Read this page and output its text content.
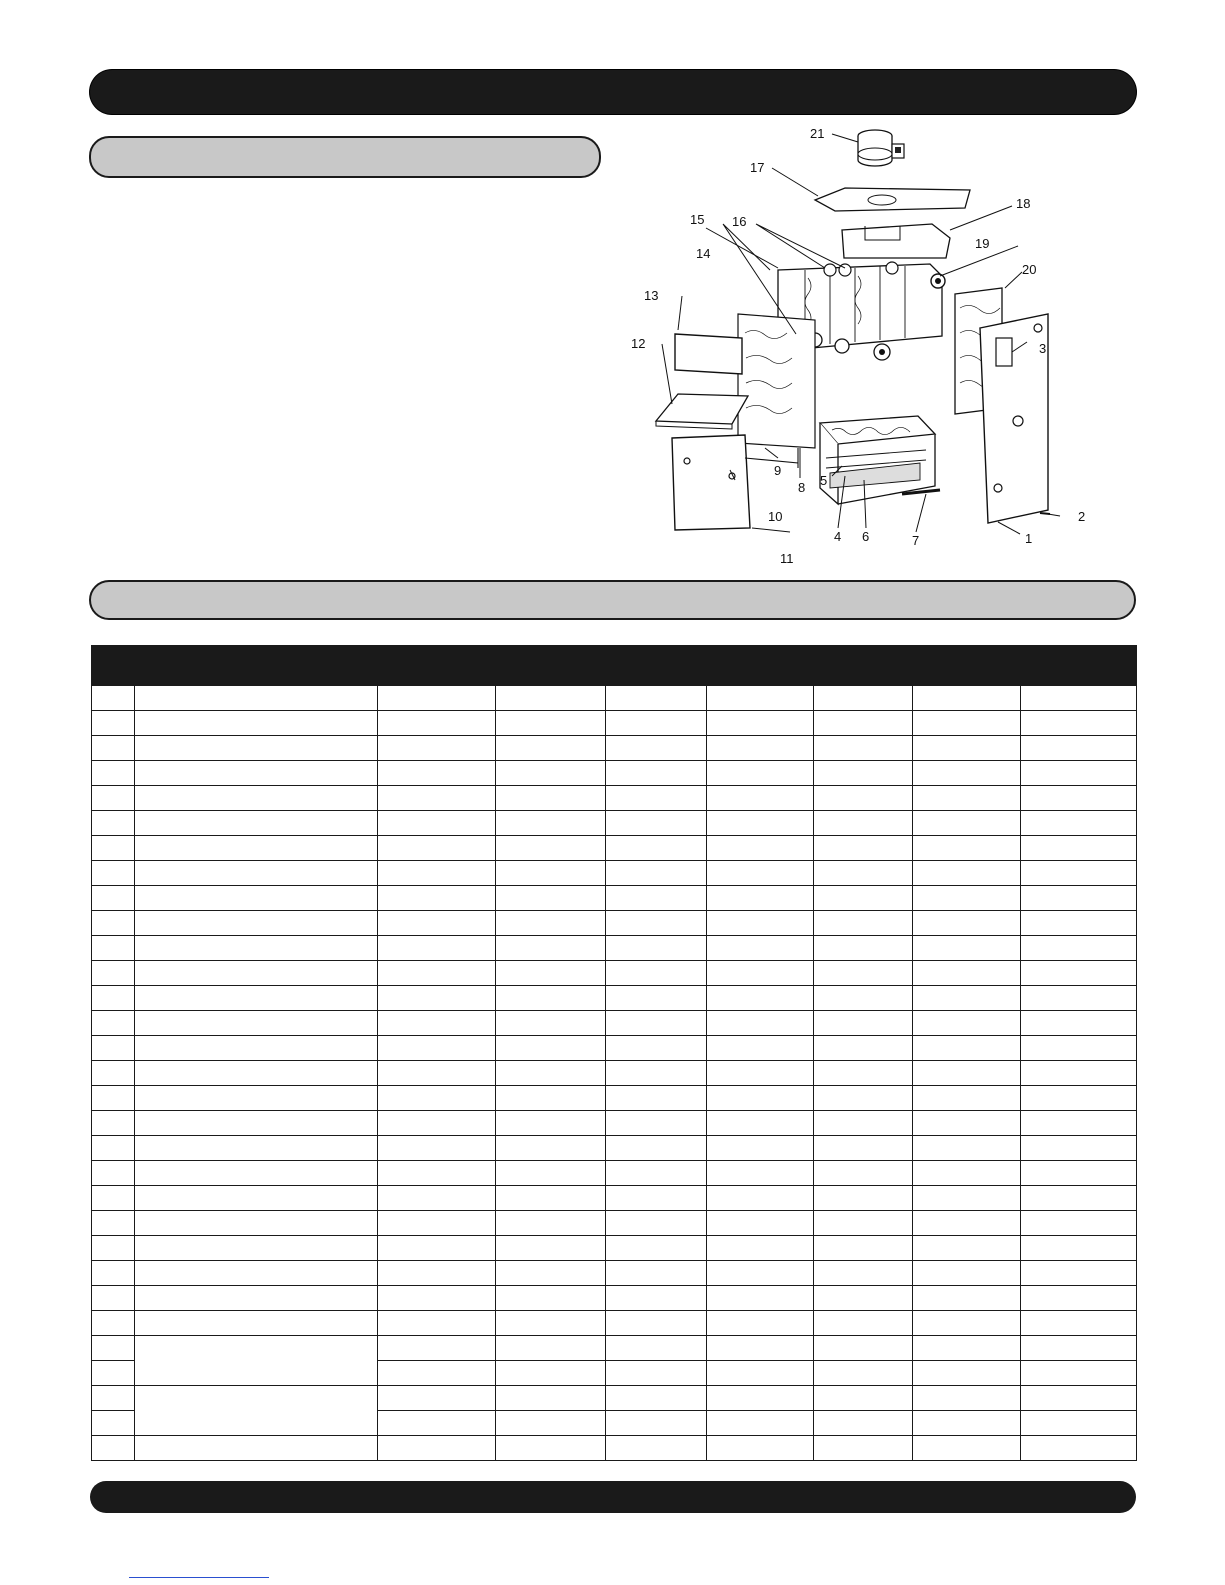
1
2
3
4
5
6	7
8
9
10
11
12
13
14
15 16
17
18
19
20
21
